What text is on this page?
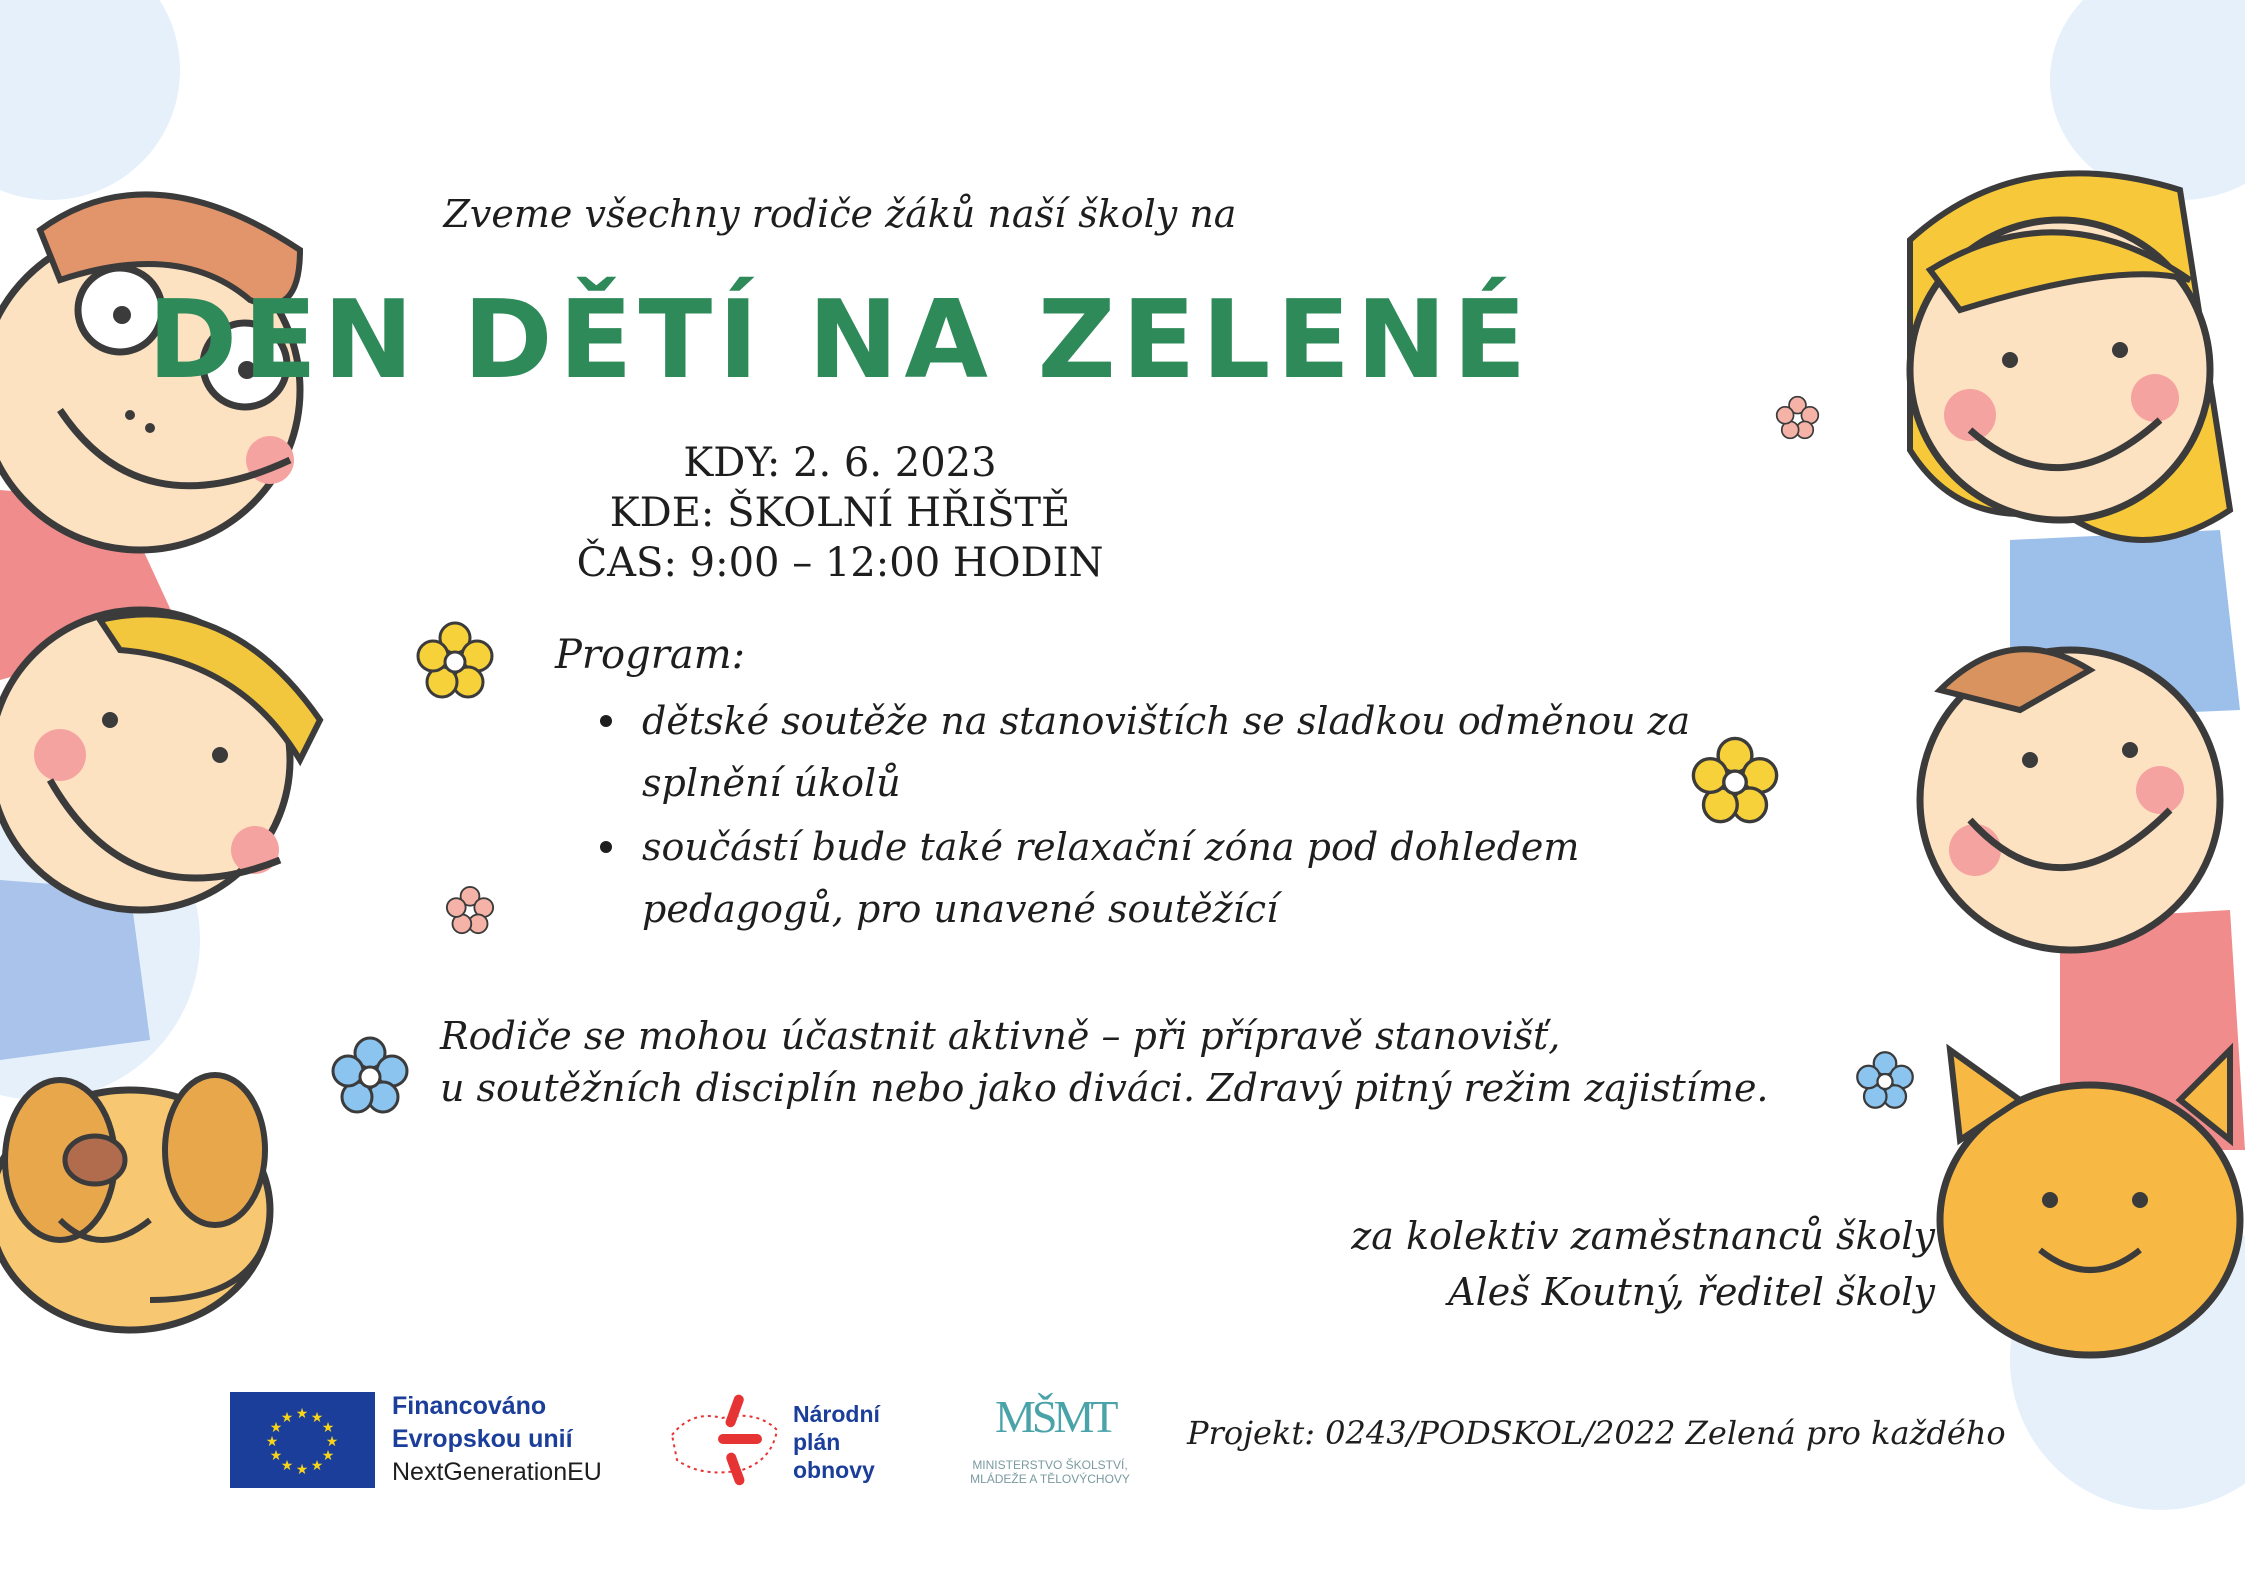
Zveme všechny rodiče žáků naší školy na
DEN DĚTÍ NA ZELENÉ
KDY: 2. 6. 2023
KDE: ŠKOLNÍ HŘIŠTĚ
ČAS: 9:00 – 12:00 HODIN
Program:
dětské soutěže na stanovištích se sladkou odměnou za splnění úkolů
součástí bude také relaxační zóna pod dohledem pedagogů, pro unavené soutěžící
Rodiče se mohou účastnit aktivně – při přípravě stanovišť,
u soutěžních disciplín nebo jako diváci. Zdravý pitný režim zajistíme.
za kolektiv zaměstnanců školy
Aleš Koutný, ředitel školy
★ ★
★
★
★
★
★
★
★
★
★
★	Financováno
Evropskou unií
NextGenerationEU
Národní
plán
obnovy
MŠMT
MINISTERSTVO ŠKOLSTVÍ,
MLÁDEŽE A TĚLOVÝCHOVY
Projekt: 0243/PODSKOL/2022 Zelená pro každého
